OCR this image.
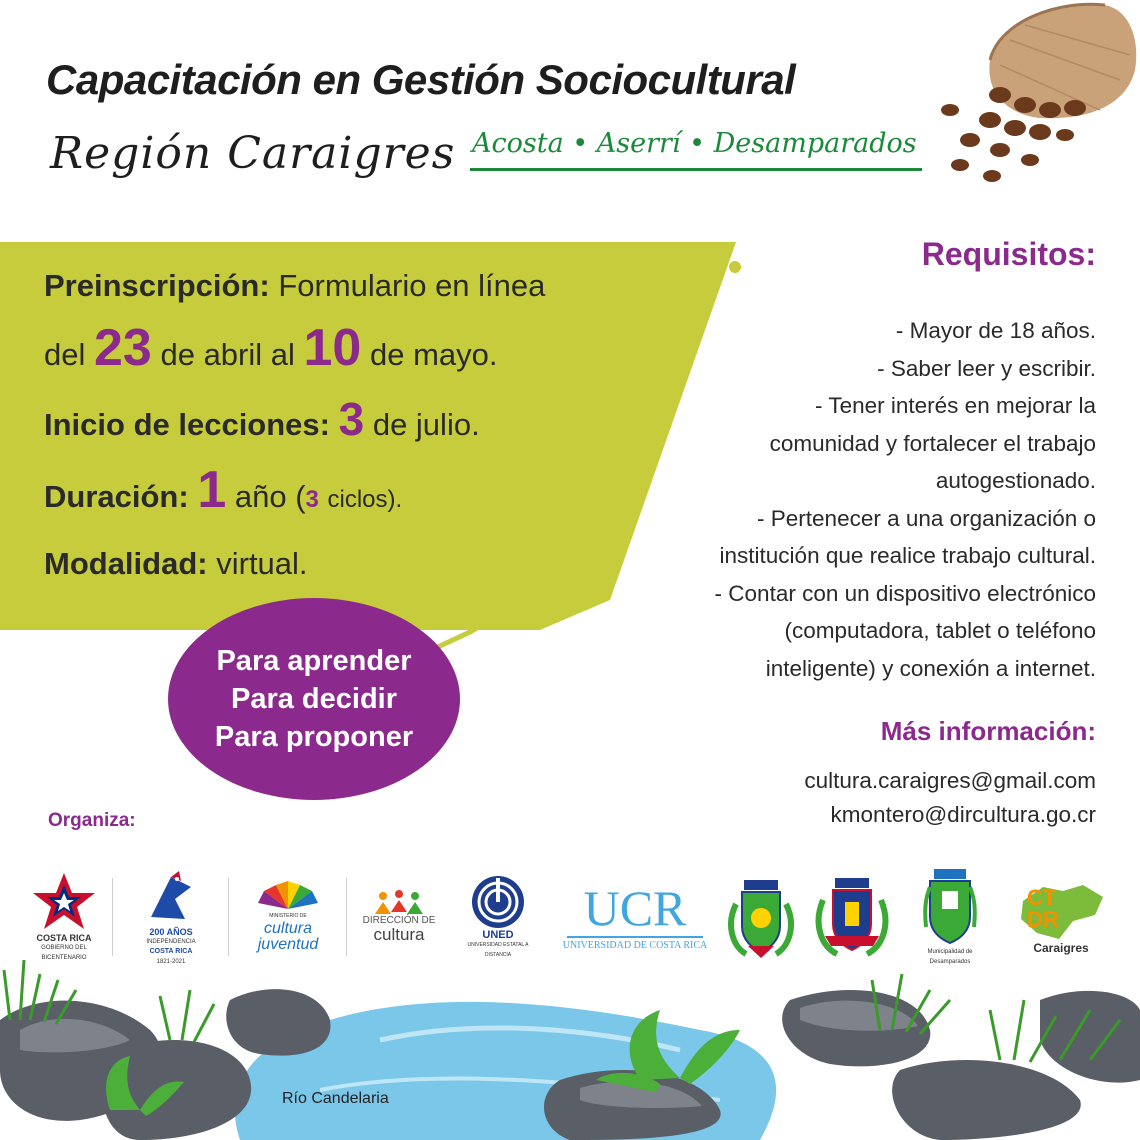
Capacitación en Gestión Sociocultural
Región Caraigres Acosta • Aserrí • Desamparados
Preinscripción: Formulario en línea
del 23 de abril al 10 de mayo.
Inicio de lecciones: 3 de julio.
Duración: 1 año (3 ciclos).
Modalidad: virtual.
Para aprender
Para decidir
Para proponer
Requisitos:
- Mayor de 18 años.
- Saber leer y escribir.
- Tener interés en mejorar la
comunidad y fortalecer el trabajo
autogestionado.
- Pertenecer a una organización o
institución que realice trabajo cultural.
- Contar con un dispositivo electrónico
(computadora, tablet o teléfono
inteligente) y conexión a internet.
Más información:
cultura.caraigres@gmail.com
kmontero@dircultura.go.cr
Organiza:
COSTA RICA
GOBIERNO DEL BICENTENARIO
200 AÑOS
INDEPENDENCIA
COSTA RICA
1821-2021
MINISTERIO DE
cultura
juventud
DIRECCIÓN DE
cultura	UNED
UNIVERSIDAD ESTATAL A DISTANCIA
UCR
UNIVERSIDAD DE COSTA RICA
Municipalidad de Desamparados
CT
DR
Caraigres
Río Candelaria
